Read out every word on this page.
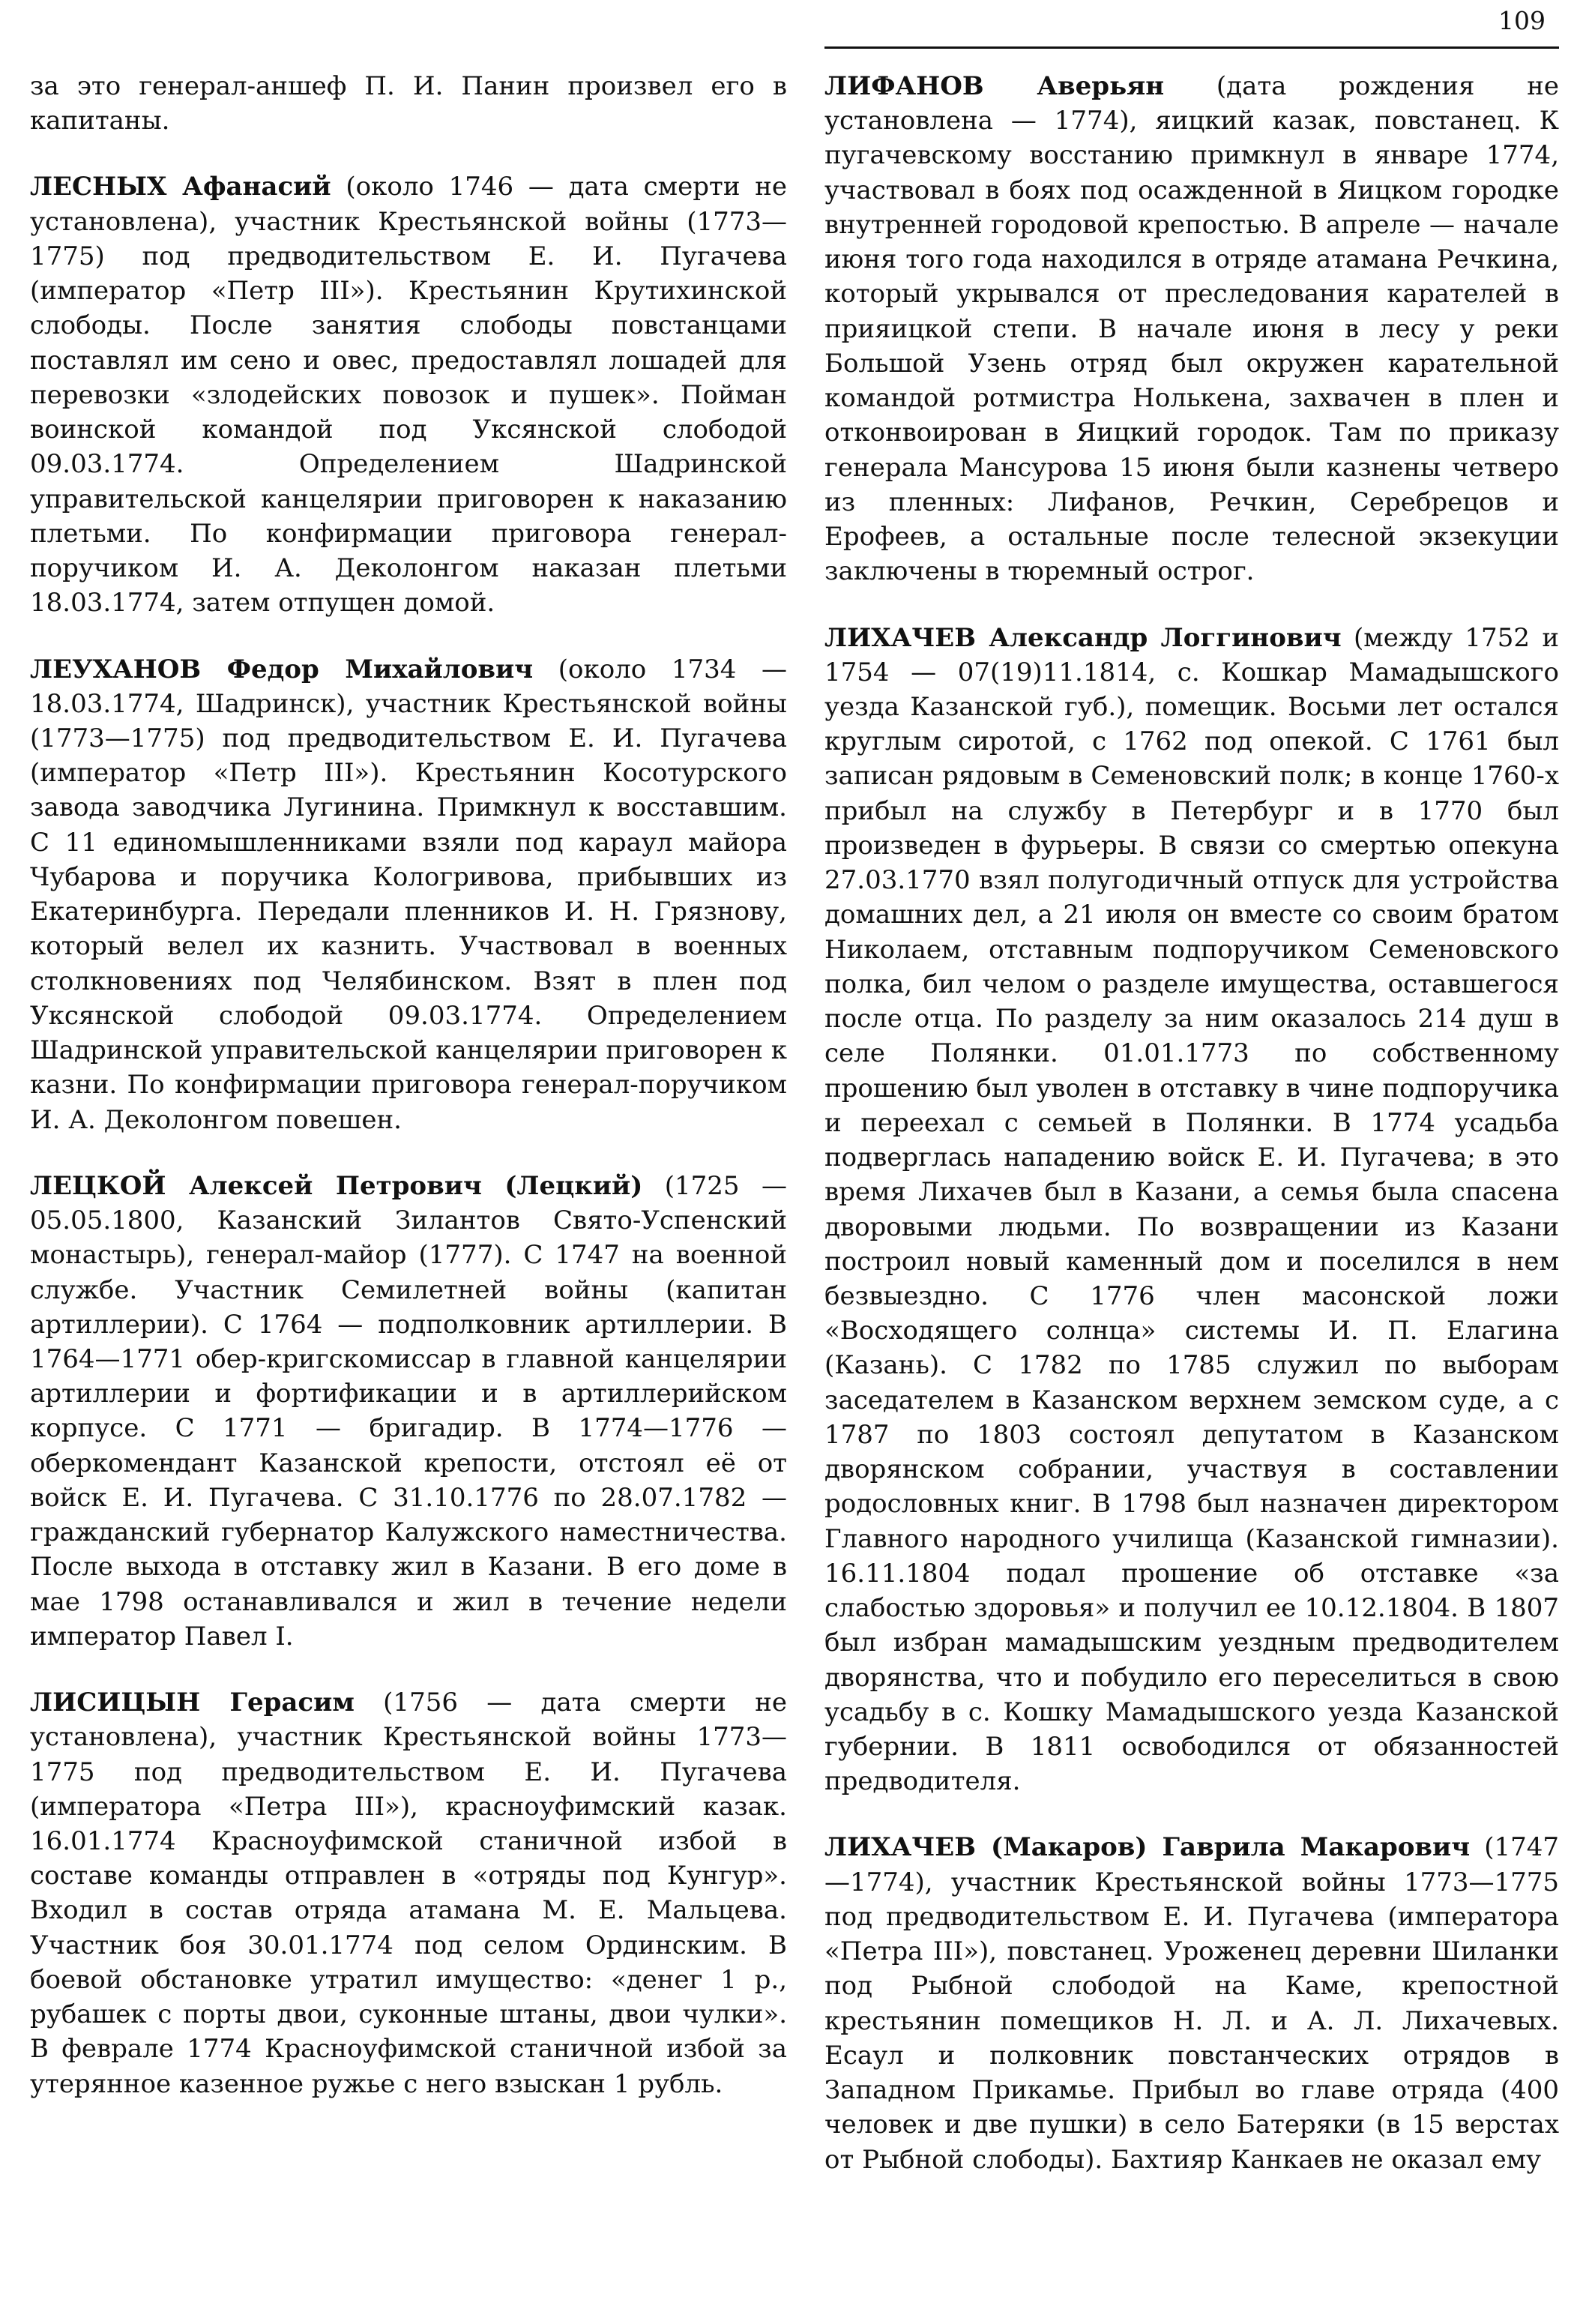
109

за это генерал-аншеф П. И. Панин произвел его в капитаны.

ЛЕСНЫХ Афанасий (около 1746 — дата смерти не установлена), участник Крестьянской войны (1773—1775) под предводительством Е. И. Пугачева (император «Петр III»). Крестьянин Крутихинской слободы. После занятия слободы повстанцами поставлял им сено и овес, предоставлял лошадей для перевозки «злодейских повозок и пушек». Пойман воинской командой под Уксянской слободой 09.03.1774. Определением Шадринской управительской канцелярии приговорен к наказанию плетьми. По конфирмации приговора генерал-поручиком И. А. Деколонгом наказан плетьми 18.03.1774, затем отпущен домой.

ЛЕУХАНОВ Федор Михайлович (около 1734 — 18.03.1774, Шадринск), участник Крестьянской войны (1773—1775) под предводительством Е. И. Пугачева (император «Петр III»). Крестьянин Косотурского завода заводчика Лугинина. Примкнул к восставшим. С 11 единомышленниками взяли под караул майора Чубарова и поручика Кологривова, прибывших из Екатеринбурга. Передали пленников И. Н. Грязнову, который велел их казнить. Участвовал в военных столкновениях под Челябинском. Взят в плен под Уксянской слободой 09.03.1774. Определением Шадринской управительской канцелярии приговорен к казни. По конфирмации приговора генерал-поручиком И. А. Деколонгом повешен.

ЛЕЦКОЙ Алексей Петрович (Лецкий) (1725 — 05.05.1800, Казанский Зилантов Свято-Успенский монастырь), генерал-майор (1777). С 1747 на военной службе. Участник Семилетней войны (капитан артиллерии). С 1764 — подполковник артиллерии. В 1764—1771 обер-кригскомиссар в главной канцелярии артиллерии и фортификации и в артиллерийском корпусе. С 1771 — бригадир. В 1774—1776 — оберкомендант Казанской крепости, отстоял её от войск Е. И. Пугачева. С 31.10.1776 по 28.07.1782 — гражданский губернатор Калужского наместничества. После выхода в отставку жил в Казани. В его доме в мае 1798 останавливался и жил в течение недели император Павел I.

ЛИСИЦЫН Герасим (1756 — дата смерти не установлена), участник Крестьянской войны 1773—1775 под предводительством Е. И. Пугачева (императора «Петра III»), красноуфимский казак. 16.01.1774 Красноуфимской станичной избой в составе команды отправлен в «отряды под Кунгур». Входил в состав отряда атамана М. Е. Мальцева. Участник боя 30.01.1774 под селом Ординским. В боевой обстановке утратил имущество: «денег 1 р., рубашек с порты двои, суконные штаны, двои чулки». В феврале 1774 Красноуфимской станичной избой за утерянное казенное ружье с него взыскан 1 рубль.

ЛИФАНОВ Аверьян (дата рождения не установлена — 1774), яицкий казак, повстанец. К пугачевскому восстанию примкнул в январе 1774, участвовал в боях под осажденной в Яицком городке внутренней городовой крепостью. В апреле — начале июня того года находился в отряде атамана Речкина, который укрывался от преследования карателей в прияицкой степи. В начале июня в лесу у реки Большой Узень отряд был окружен карательной командой ротмистра Нолькена, захвачен в плен и отконвоирован в Яицкий городок. Там по приказу генерала Мансурова 15 июня были казнены четверо из пленных: Лифанов, Речкин, Серебрецов и Ерофеев, а остальные после телесной экзекуции заключены в тюремный острог.

ЛИХАЧЕВ Александр Логгинович (между 1752 и 1754 — 07(19)11.1814, с. Кошкар Мамадышского уезда Казанской губ.), помещик. Восьми лет остался круглым сиротой, с 1762 под опекой. С 1761 был записан рядовым в Семеновский полк; в конце 1760-х прибыл на службу в Петербург и в 1770 был произведен в фурьеры. В связи со смертью опекуна 27.03.1770 взял полугодичный отпуск для устройства домашних дел, а 21 июля он вместе со своим братом Николаем, отставным подпоручиком Семеновского полка, бил челом о разделе имущества, оставшегося после отца. По разделу за ним оказалось 214 душ в селе Полянки. 01.01.1773 по собственному прошению был уволен в отставку в чине подпоручика и переехал с семьей в Полянки. В 1774 усадьба подверглась нападению войск Е. И. Пугачева; в это время Лихачев был в Казани, а семья была спасена дворовыми людьми. По возвращении из Казани построил новый каменный дом и поселился в нем безвыездно. С 1776 член масонской ложи «Восходящего солнца» системы И. П. Елагина (Казань). С 1782 по 1785 служил по выборам заседателем в Казанском верхнем земском суде, а с 1787 по 1803 состоял депутатом в Казанском дворянском собрании, участвуя в составлении родословных книг. В 1798 был назначен директором Главного народного училища (Казанской гимназии). 16.11.1804 подал прошение об отставке «за слабостью здоровья» и получил ее 10.12.1804. В 1807 был избран мамадышским уездным предводителем дворянства, что и побудило его переселиться в свою усадьбу в с. Кошку Мамадышского уезда Казанской губернии. В 1811 освободился от обязанностей предводителя.

ЛИХАЧЕВ (Макаров) Гаврила Макарович (1747—1774), участник Крестьянской войны 1773—1775 под предводительством Е. И. Пугачева (императора «Петра III»), повстанец. Уроженец деревни Шиланки под Рыбной слободой на Каме, крепостной крестьянин помещиков Н. Л. и А. Л. Лихачевых. Есаул и полковник повстанческих отрядов в Западном Прикамье. Прибыл во главе отряда (400 человек и две пушки) в село Батеряки (в 15 верстах от Рыбной слободы). Бахтияр Канкаев не оказал ему
